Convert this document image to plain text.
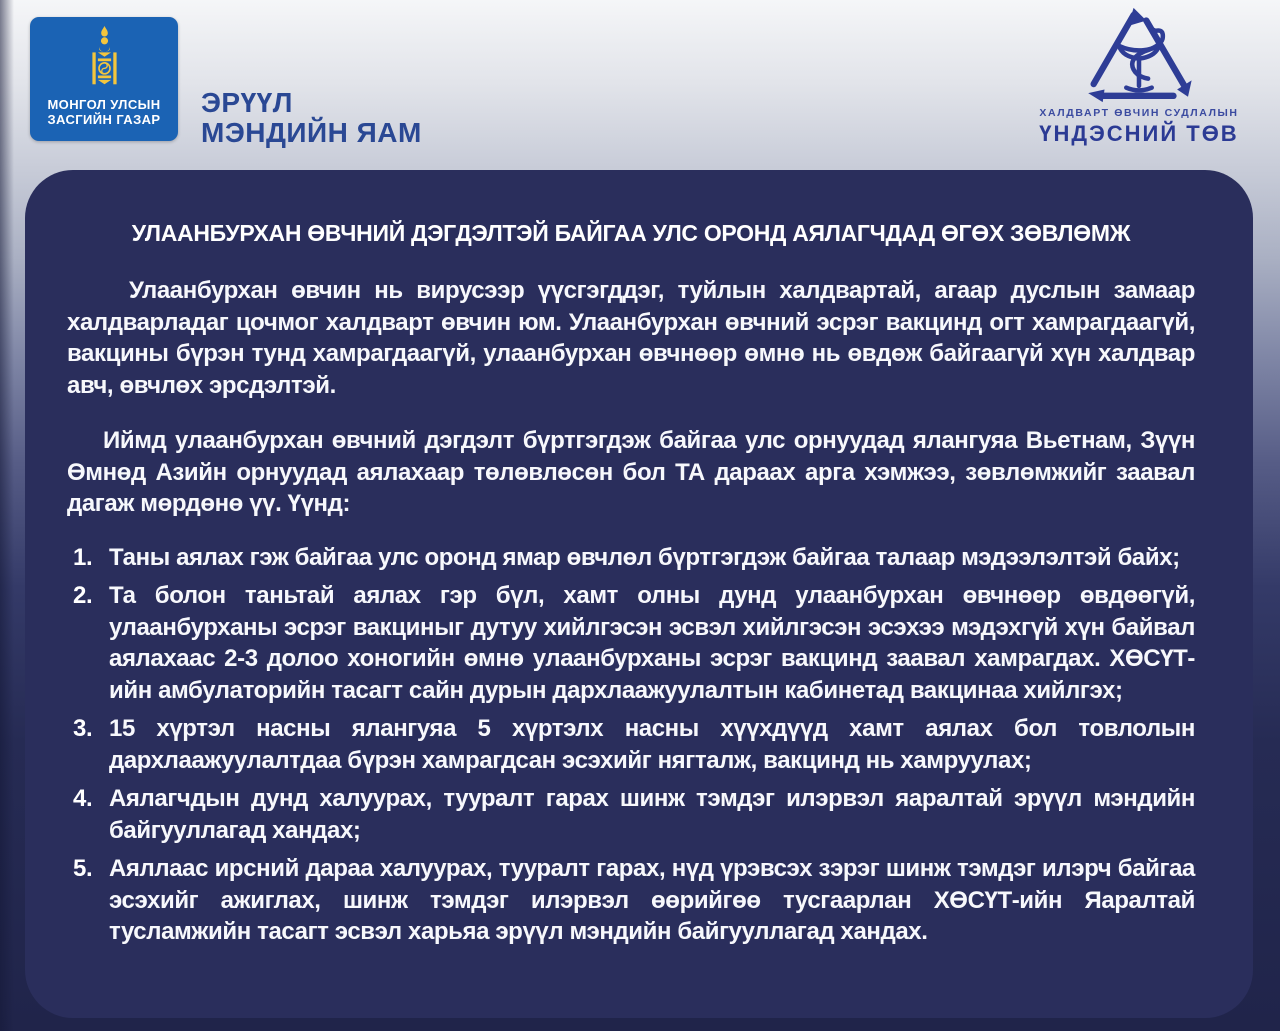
МОНГОЛ УЛСЫН
ЗАСГИЙН ГАЗАР
ЭРҮҮЛ
МЭНДИЙН ЯАМ
ХАЛДВАРТ ӨВЧИН СУДЛАЛЫН
ҮНДЭСНИЙ ТӨВ
УЛААНБУРХАН ӨВЧНИЙ ДЭГДЭЛТЭЙ БАЙГАА УЛС ОРОНД АЯЛАГЧДАД ӨГӨХ ЗӨВЛӨМЖ
Улаанбурхан өвчин нь вирусээр үүсгэгддэг, туйлын халдвартай, агаар дуслын замаар халдварладаг цочмог халдварт өвчин юм. Улаанбурхан өвчний эсрэг вакцинд огт хамрагдаагүй, вакцины бүрэн тунд хамрагдаагүй, улаанбурхан өвчнөөр өмнө нь өвдөж байгаагүй хүн халдвар авч, өвчлөх эрсдэлтэй.
Иймд улаанбурхан өвчний дэгдэлт бүртгэгдэж байгаа улс орнуудад ялангуяа Вьетнам, Зүүн Өмнөд Азийн орнуудад аялахаар төлөвлөсөн бол ТА дараах арга хэмжээ, зөвлөмжийг заавал дагаж мөрдөнө үү. Үүнд:
1. Таны аялах гэж байгаа улс оронд ямар өвчлөл бүртгэгдэж байгаа талаар мэдээлэлтэй байх;
2. Та болон таньтай аялах гэр бүл, хамт олны дунд улаанбурхан өвчнөөр өвдөөгүй, улаанбурханы эсрэг вакциныг дутуу хийлгэсэн эсвэл хийлгэсэн эсэхээ мэдэхгүй хүн байвал аялахаас 2-3 долоо хоногийн өмнө улаанбурханы эсрэг вакцинд заавал хамрагдах. ХӨСҮТ-ийн амбулаторийн тасагт сайн дурын дархлаажуулалтын кабинетад вакцинаа хийлгэх;
3. 15 хүртэл насны ялангуяа 5 хүртэлх насны хүүхдүүд хамт аялах бол товлолын дархлаажуулалтдаа бүрэн хамрагдсан эсэхийг нягталж, вакцинд нь хамруулах;
4. Аялагчдын дунд халуурах, тууралт гарах шинж тэмдэг илэрвэл яаралтай эрүүл мэндийн байгууллагад хандах;
5. Аяллаас ирсний дараа халуурах, тууралт гарах, нүд үрэвсэх зэрэг шинж тэмдэг илэрч байгаа эсэхийг ажиглах, шинж тэмдэг илэрвэл өөрийгөө тусгаарлан ХӨСҮТ-ийн Яаралтай тусламжийн тасагт эсвэл харьяа эрүүл мэндийн байгууллагад хандах.
